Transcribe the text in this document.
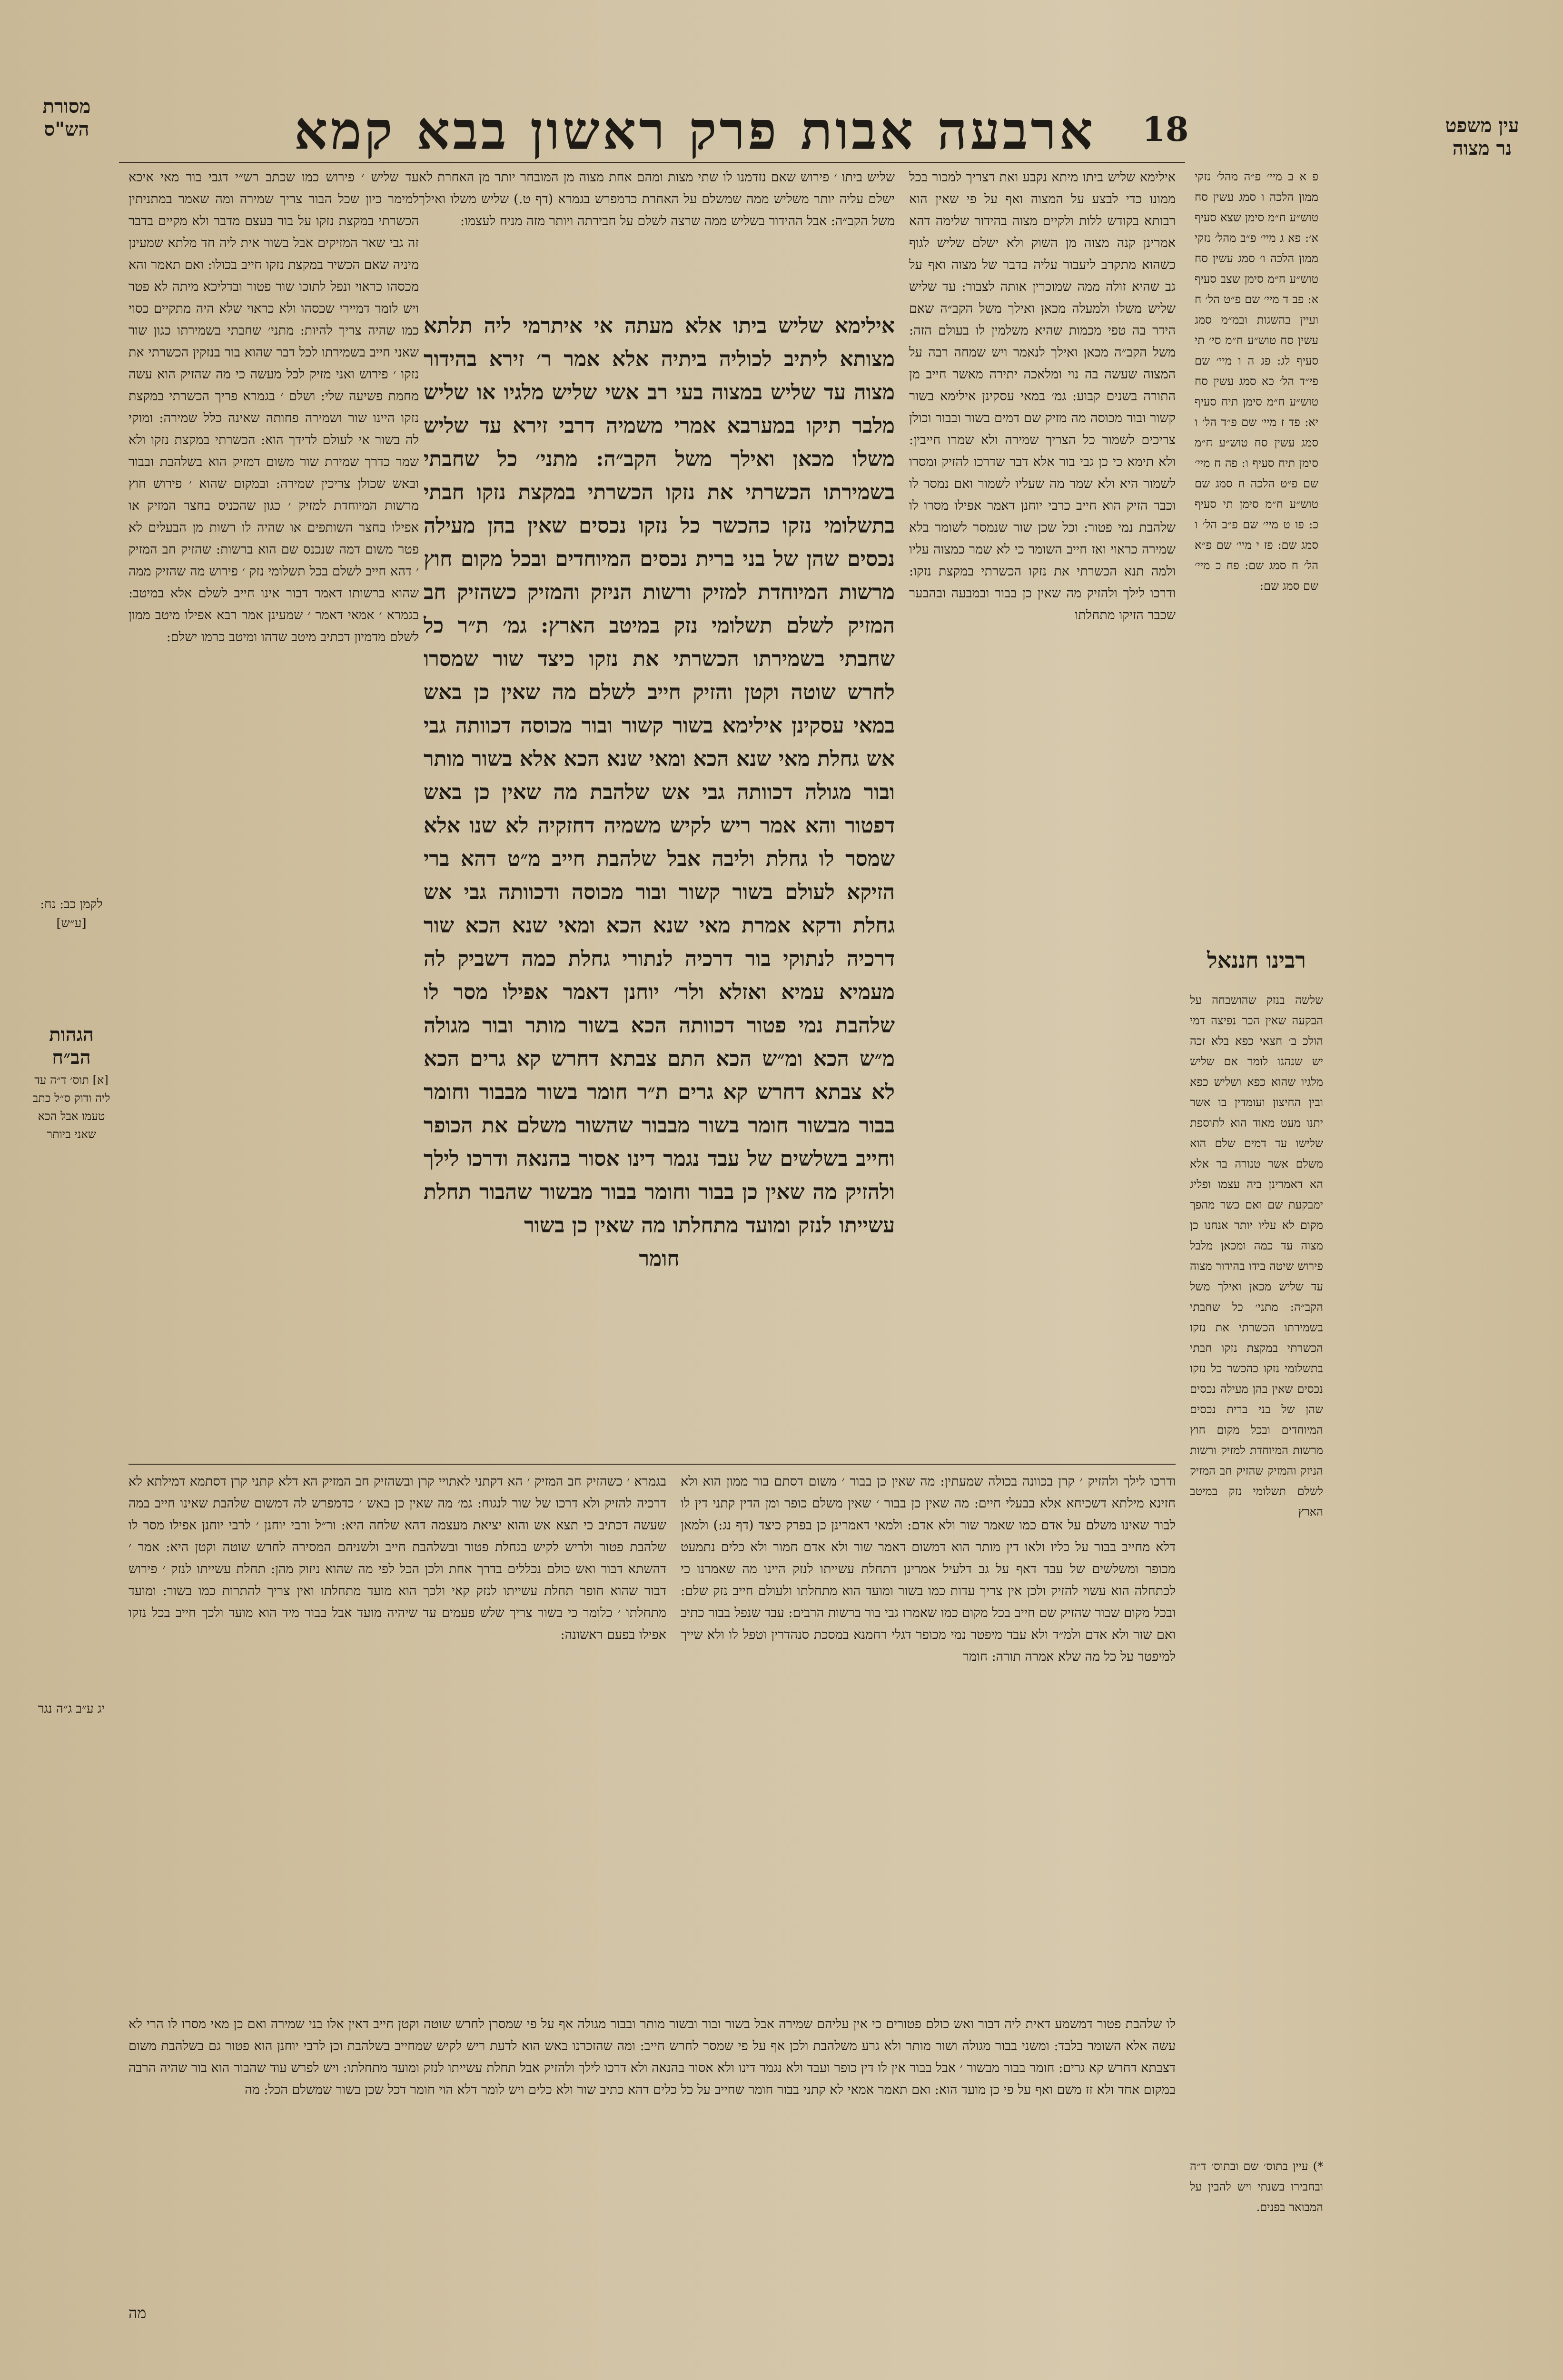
מסורת
הש"ס	18
ארבעה אבות פרק ראשון בבא קמא	עין משפט
נר מצוה

פ א ב מיי׳ פ״ה מהל׳ נזקי ממון הלכה ו סמג עשין סח טוש״ע ח״מ סימן שצא סעיף א׳: פא ג מיי׳ פ״ב מהל׳ נזקי ממון הלכה ו׳ סמג עשין סח טוש״ע ח״מ סימן שצב סעיף א: פב ד מיי׳ שם פ״ט הל׳ ח ועיין בהשגות ובמ״מ סמג עשין סח טוש״ע ח״מ סי׳ תי סעיף לג: פג ה ו מיי׳ שם פי״ד הל׳ כא סמג עשין סח טוש״ע ח״מ סימן תיח סעיף יא: פד ז מיי׳ שם פ״ד הל׳ ו סמג עשין סח טוש״ע ח״מ סימן תיח סעיף ו: פה ח מיי׳ שם פ״ט הלכה ח סמג שם טוש״ע ח״מ סימן תי סעיף כ: פו ט מיי׳ שם פ״ב הל׳ ו סמג שם: פז י מיי׳ שם פ״א הל׳ ח סמג שם: פח כ מיי׳ שם סמג שם:

רבינו חננאל

שלשה בנזק שהושבחה על הבקעה שאין הכר נפיצה דמי הולכ ב׳ חצאי כפא בלא זכה יש שנהגו לומר אם שליש מלגיו שהוא כפא ושליש כפא ובין החיצון ועומדין בו אשר יתנו מעט מאוד הוא לתוספת שלישו עד דמים שלם הוא משלם אשר טנורה בר אלא הא דאמרינן ביה עצמו ופליג ימבקעת שם ואם כשר מהפך מקום לא עליו יותר אנחנו כן מצוה עד כמה ומכאן מלבל פירוש שיטה בידו בהידור מצוה עד שליש מכאן ואילך משל הקב״ה: מתני׳ כל שחבתי בשמירתו הכשרתי את נזקו הכשרתי במקצת נזקו חבתי בתשלומי נזקו כהכשר כל נזקו נכסים שאין בהן מעילה נכסים שהן של בני ברית נכסים המיוחדים ובכל מקום חוץ מרשות המיוחדת למזיק ורשות הניזק והמזיק שהזיק חב המזיק לשלם תשלומי נזק במיטב הארץ

*) עיין בתוס׳ שם ובתוס׳ ד״ה ובחבירו בשנתי ויש להבין על המבואר בפנים.

לקמן כב: נח: [ע״ש]

הגהות הב״ח

[א] תוס׳ ד״ה עד ליה ודוק ס״ל כתב טעמו אבל הכא שאני ביותר

יג ע״ב ג״ה נגר

שליש ביתו ׳ פירוש שאם נזדמנו לו שתי מצות ומהם אחת מצוה מן המובחר יותר מן האחרת לא ישלם עליה יותר משליש ממה שמשלם על האחרת כדמפרש בגמרא (דף ט.) שליש משלו ואילך משל הקב״ה: אבל ההידור בשליש ממה שרצה לשלם על חבירתה ויותר מזה מניח לעצמו:

אילימא שליש ביתו מיתא נקבע ואת דצריך למכור בכל ממונו כדי לבצע על המצוה ואף על פי שאין הוא רבותא בקודש ללות ולקיים מצוה בהידור שלימה דהא אמרינן קנה מצוה מן השוק ולא ישלם שליש לגוף כשהוא מתקרב ליעבור עליה בדבר של מצוה ואף על גב שהיא זולה ממה שמוכרין אותה לצבור: עד שליש שליש משלו ולמעלה מכאן ואילך משל הקב״ה שאם הידר בה טפי מכמות שהיא משלמין לו בעולם הזה: משל הקב״ה מכאן ואילך לנאמר ויש שמחה רבה על המצוה שעשה בה נוי ומלאכה יתירה מאשר חייב מן התורה בשנים קבוע: גמ׳ במאי עסקינן אילימא בשור קשור ובור מכוסה מה מזיק שם דמים בשור ובבור וכולן צריכים לשמור כל הצריך שמירה ולא שמרו חייבין: ולא תימא כי כן גבי בור אלא דבר שדרכו להזיק ומסרו לשמור היא ולא שמר מה שעליו לשמור ואם נמסר לו וכבר הזיק הוא חייב כרבי יוחנן דאמר אפילו מסרו לו שלהבת נמי פטור: וכל שכן שור שנמסר לשומר בלא שמירה כראוי ואז חייב השומר כי לא שמר כמצוה עליו ולמה תנא הכשרתי את נזקו הכשרתי במקצת נזקו: ודרכו לילך ולהזיק מה שאין כן בבור ובמבעה ובהבער שכבר הזיקו מתחלתו

עד שליש ׳ פירוש כמו שכתב רש״י דגבי בור מאי איכא למימר כיון שכל הבור צריך שמירה ומה שאמר במתניתין הכשרתי במקצת נזקו על בור בעצם מדבר ולא מקיים בדבר זה גבי שאר המזיקים אבל בשור אית ליה חד מלתא שמעינן מיניה שאם הכשיר במקצת נזקו חייב בכולו: ואם תאמר והא מכסהו כראוי ונפל לתוכו שור פטור ובדליכא מיתה לא פטר ויש לומר דמיירי שכסהו ולא כראוי שלא היה מתקיים כסוי כמו שהיה צריך להיות: מתני׳ שחבתי בשמירתו כגון שור שאני חייב בשמירתו לכל דבר שהוא בור בנזקין הכשרתי את נזקו ׳ פירוש ואני מזיק לכל מעשה כי מה שהזיק הוא עשה מחמת פשיעה שלי: ושלם ׳ בגמרא פריך הכשרתי במקצת נזקו היינו שור ושמירה פחותה שאינה כלל שמירה: ומוקי לה בשור אי לעולם לדידך הוא: הכשרתי במקצת נזקו ולא שמר כדרך שמירת שור משום דמזיק הוא בשלהבת ובבור ובאש שכולן צריכין שמירה: ובמקום שהוא ׳ פירוש חוץ מרשות המיוחדת למזיק ׳ כגון שהכניס בחצר המזיק או אפילו בחצר השותפים או שהיה לו רשות מן הבעלים לא פטר משום דמה שנכנס שם הוא ברשות: שהזיק חב המזיק ׳ דהא חייב לשלם בכל תשלומי נזק ׳ פירוש מה שהזיק ממה שהוא ברשותו דאמר דבור אינו חייב לשלם אלא במיטב: בגמרא ׳ אמאי דאמר ׳ שמעינן אמר רבא אפילו מיטב ממון לשלם מדמיון דכתיב מיטב שדהו ומיטב כרמו ישלם:

אילימא שליש ביתו אלא מעתה אי איתרמי ליה תלתא מצותא ליתיב לכוליה ביתיה אלא אמר ר׳ זירא בהידור מצוה עד שליש במצוה בעי רב אשי שליש מלגיו או שליש מלבר תיקו במערבא אמרי משמיה דרבי זירא עד שליש משלו מכאן ואילך משל הקב״ה: מתני׳ כל שחבתי בשמירתו הכשרתי את נזקו הכשרתי במקצת נזקו חבתי בתשלומי נזקו כהכשר כל נזקו נכסים שאין בהן מעילה נכסים שהן של בני ברית נכסים המיוחדים ובכל מקום חוץ מרשות המיוחדת למזיק ורשות הניזק והמזיק כשהזיק חב המזיק לשלם תשלומי נזק במיטב הארץ: גמ׳ ת״ר כל שחבתי בשמירתו הכשרתי את נזקו כיצד שור שמסרו לחרש שוטה וקטן והזיק חייב לשלם מה שאין כן באש במאי עסקינן אילימא בשור קשור ובור מכוסה דכוותה גבי אש גחלת מאי שנא הכא ומאי שנא הכא אלא בשור מותר ובור מגולה דכוותה גבי אש שלהבת מה שאין כן באש דפטור והא אמר ריש לקיש משמיה דחזקיה לא שנו אלא שמסר לו גחלת וליבה אבל שלהבת חייב מ״ט דהא ברי הזיקא לעולם בשור קשור ובור מכוסה ודכוותה גבי אש גחלת ודקא אמרת מאי שנא הכא ומאי שנא הכא שור דרכיה לנתוקי בור דרכיה לנתורי גחלת כמה דשביק לה מעמיא עמיא ואזלא ולר׳ יוחנן דאמר אפילו מסר לו שלהבת נמי פטור דכוותה הכא בשור מותר ובור מגולה מ״ש הכא ומ״ש הכא התם צבתא דחרש קא גרים הכא לא צבתא דחרש קא גרים ת״ר חומר בשור מבבור וחומר בבור מבשור חומר בשור מבבור שהשור משלם את הכופר וחייב בשלשים של עבד נגמר דינו אסור בהנאה ודרכו לילך ולהזיק מה שאין כן בבור וחומר בבור מבשור שהבור תחלת עשייתו לנזק ומועד מתחלתו מה שאין כן בשור

חומר

ודרכו לילך ולהזיק ׳ קרן בכוונה בכולה שמעתין: מה שאין כן בבור ׳ משום דסתם בור ממון הוא ולא חזינא מילתא דשכיחא אלא בבעלי חיים: מה שאין כן בבור ׳ שאין משלם כופר ומן הדין קתני דין לו לבור שאינו משלם על אדם כמו שאמר שור ולא אדם: ולמאי דאמרינן כן בפרק כיצד (דף נג:) ולמאן דלא מחייב בבור על כליו ולאו דין מותר הוא דמשום דאמר שור ולא אדם חמור ולא כלים נתמעט מכופר ומשלשים של עבד דאף על גב דלעיל אמרינן דתחלת עשייתו לנזק היינו מה שאמרנו כי לכתחלה הוא עשוי להזיק ולכן אין צריך עדות כמו בשור ומועד הוא מתחלתו ולעולם חייב נזק שלם: ובכל מקום שבור שהזיק שם חייב בכל מקום כמו שאמרו גבי בור ברשות הרבים: עבד שנפל בבור כתיב ואם שור ולא אדם ולמ״ד ולא עבד מיפטר נמי מכופר דגלי רחמנא במסכת סנהדרין וטפל לו ולא שייך למיפטר על כל מה שלא אמרה תורה: חומר

בגמרא ׳ כשהזיק חב המזיק ׳ הא דקתני לאתויי קרן ובשהזיק חב המזיק הא דלא קתני קרן דסתמא דמילתא לא דרכיה להזיק ולא דרכו של שור לנגוח: גמ׳ מה שאין כן באש ׳ כדמפרש לה דמשום שלהבת שאינו חייב במה שעשה דכתיב כי תצא אש והוא יציאת מעצמה דהא שלחה היא: ור״ל ורבי יוחנן ׳ לרבי יוחנן אפילו מסר לו שלהבת פטור ולריש לקיש בגחלת פטור ובשלהבת חייב ולשניהם המסירה לחרש שוטה וקטן היא: אמר ׳ דהשתא דבור ואש כולם נכללים בדרך אחת ולכן הכל לפי מה שהוא ניזוק מהן: תחלת עשייתו לנזק ׳ פירוש דבור שהוא חופר תחלת עשייתו לנזק קאי ולכך הוא מועד מתחלתו ואין צריך להתרות כמו בשור: ומועד מתחלתו ׳ כלומר כי בשור צריך שלש פעמים עד שיהיה מועד אבל בבור מיד הוא מועד ולכך חייב בכל נזקו אפילו בפעם ראשונה:

לו שלהבת פטור דמשמע דאית ליה דבור ואש כולם פטורים כי אין עליהם שמירה אבל בשור ובור ובשור מותר ובבור מגולה אף על פי שמסרן לחרש שוטה וקטן חייב דאין אלו בני שמירה ואם כן מאי מסרו לו הרי לא עשה אלא השומר בלבד: ומשני בבור מגולה ושור מותר ולא גרע משלהבת ולכן אף על פי שמסר לחרש חייב: ומה שהזכרנו באש הוא לדעת ריש לקיש שמחייב בשלהבת וכן לרבי יוחנן הוא פטור גם בשלהבת משום דצבתא דחרש קא גרים: חומר בבור מבשור ׳ אבל בבור אין לו דין כופר ועבד ולא נגמר דינו ולא אסור בהנאה ולא דרכו לילך ולהזיק אבל תחלת עשייתו לנזק ומועד מתחלתו: ויש לפרש עוד שהבור הוא בור שהיה הרבה במקום אחד ולא זז משם ואף על פי כן מועד הוא: ואם תאמר אמאי לא קתני בבור חומר שחייב על כל כלים דהא כתיב שור ולא כלים ויש לומר דלא הוי חומר דכל שכן בשור שמשלם הכל: מה

מה
